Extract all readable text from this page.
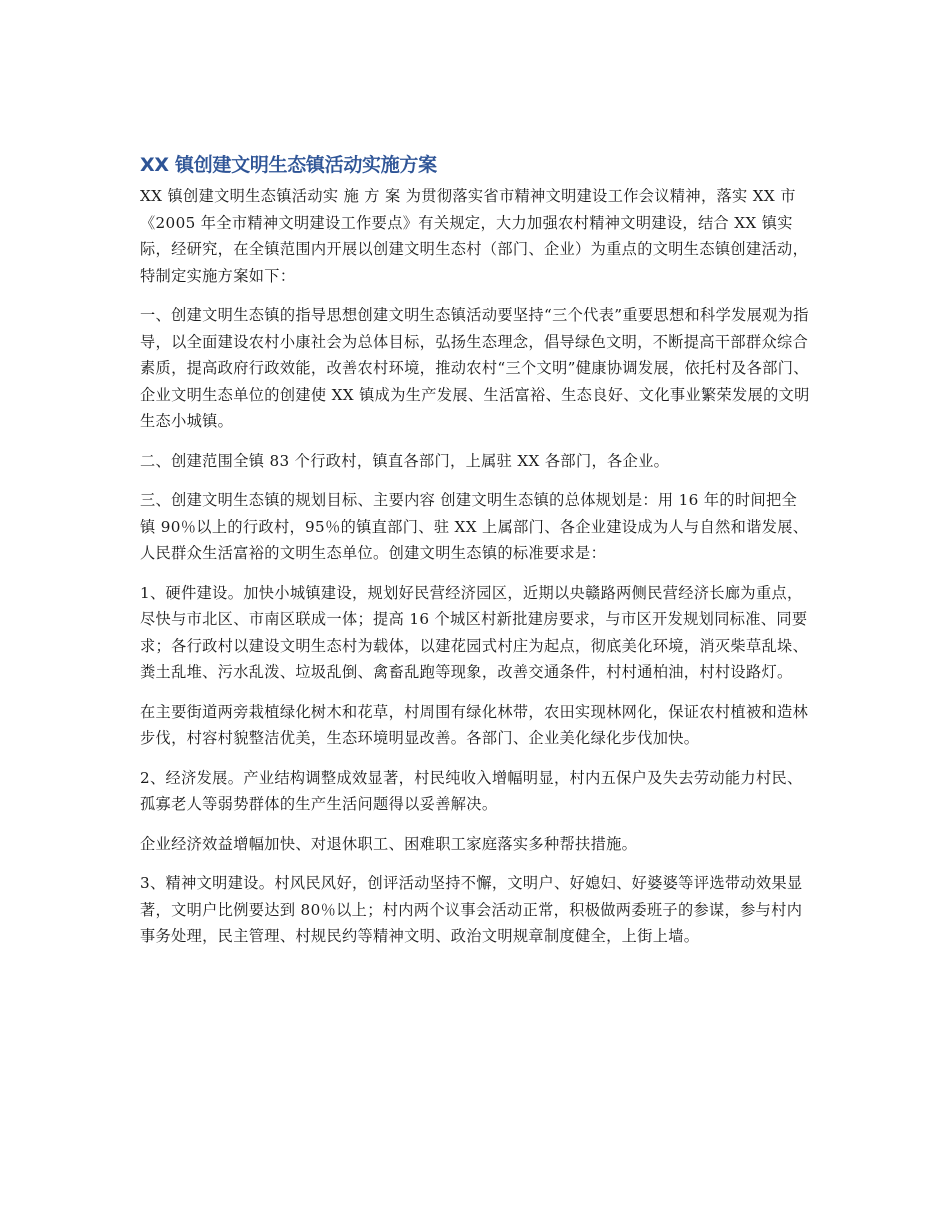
XX 镇创建文明生态镇活动实施方案

XX 镇创建文明生态镇活动实 施 方 案 为贯彻落实省市精神文明建设工作会议精神，落实 XX 市《2005 年全市精神文明建设工作要点》有关规定，大力加强农村精神文明建设，结合 XX 镇实际，经研究，在全镇范围内开展以创建文明生态村（部门、企业）为重点的文明生态镇创建活动，特制定实施方案如下：

一、创建文明生态镇的指导思想创建文明生态镇活动要坚持“三个代表”重要思想和科学发展观为指导，以全面建设农村小康社会为总体目标，弘扬生态理念，倡导绿色文明，不断提高干部群众综合素质，提高政府行政效能，改善农村环境，推动农村“三个文明”健康协调发展，依托村及各部门、企业文明生态单位的创建使 XX 镇成为生产发展、生活富裕、生态良好、文化事业繁荣发展的文明生态小城镇。

二、创建范围全镇 83 个行政村，镇直各部门，上属驻 XX 各部门，各企业。

三、创建文明生态镇的规划目标、主要内容 创建文明生态镇的总体规划是：用 16 年的时间把全镇 90％以上的行政村，95％的镇直部门、驻 XX 上属部门、各企业建设成为人与自然和谐发展、人民群众生活富裕的文明生态单位。创建文明生态镇的标准要求是：

1、硬件建设。加快小城镇建设，规划好民营经济园区，近期以央赣路两侧民营经济长廊为重点，尽快与市北区、市南区联成一体；提高 16 个城区村新批建房要求，与市区开发规划同标准、同要求；各行政村以建设文明生态村为载体，以建花园式村庄为起点，彻底美化环境，消灭柴草乱垛、粪土乱堆、污水乱泼、垃圾乱倒、禽畜乱跑等现象，改善交通条件，村村通柏油，村村设路灯。

在主要街道两旁栽植绿化树木和花草，村周围有绿化林带，农田实现林网化，保证农村植被和造林步伐，村容村貌整洁优美，生态环境明显改善。各部门、企业美化绿化步伐加快。

2、经济发展。产业结构调整成效显著，村民纯收入增幅明显，村内五保户及失去劳动能力村民、孤寡老人等弱势群体的生产生活问题得以妥善解决。

企业经济效益增幅加快、对退休职工、困难职工家庭落实多种帮扶措施。

3、精神文明建设。村风民风好，创评活动坚持不懈，文明户、好媳妇、好婆婆等评选带动效果显著，文明户比例要达到 80％以上；村内两个议事会活动正常，积极做两委班子的参谋，参与村内事务处理，民主管理、村规民约等精神文明、政治文明规章制度健全，上街上墙。
